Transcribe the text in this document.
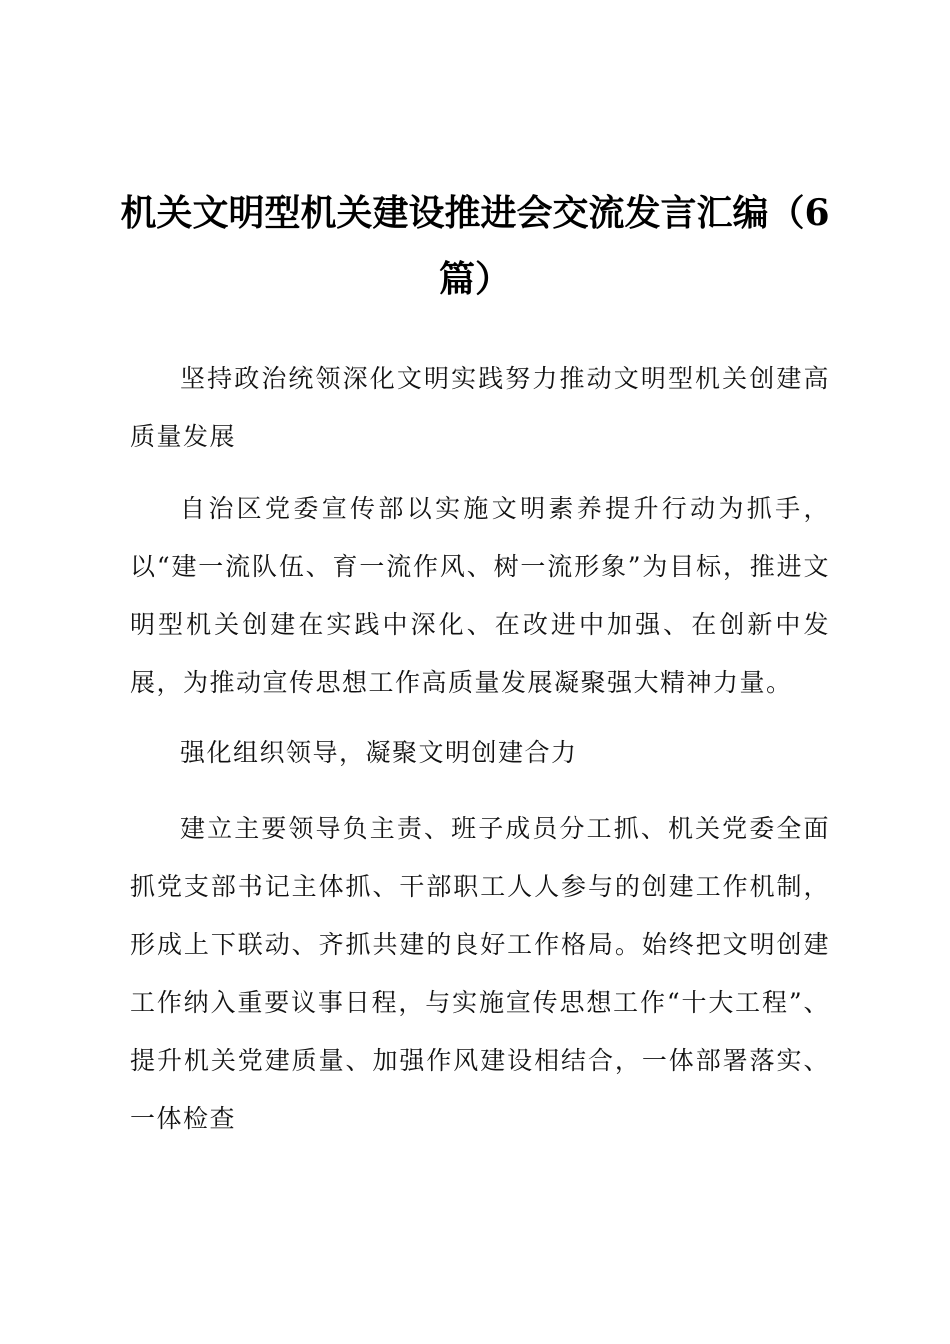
机关文明型机关建设推进会交流发言汇编（6篇）

坚持政治统领深化文明实践努力推动文明型机关创建高质量发展

自治区党委宣传部以实施文明素养提升行动为抓手，以“建一流队伍、育一流作风、树一流形象”为目标，推进文明型机关创建在实践中深化、在改进中加强、在创新中发展，为推动宣传思想工作高质量发展凝聚强大精神力量。

强化组织领导，凝聚文明创建合力

建立主要领导负主责、班子成员分工抓、机关党委全面抓党支部书记主体抓、干部职工人人参与的创建工作机制，形成上下联动、齐抓共建的良好工作格局。始终把文明创建工作纳入重要议事日程，与实施宣传思想工作“十大工程”、提升机关党建质量、加强作风建设相结合，一体部署落实、一体检查
